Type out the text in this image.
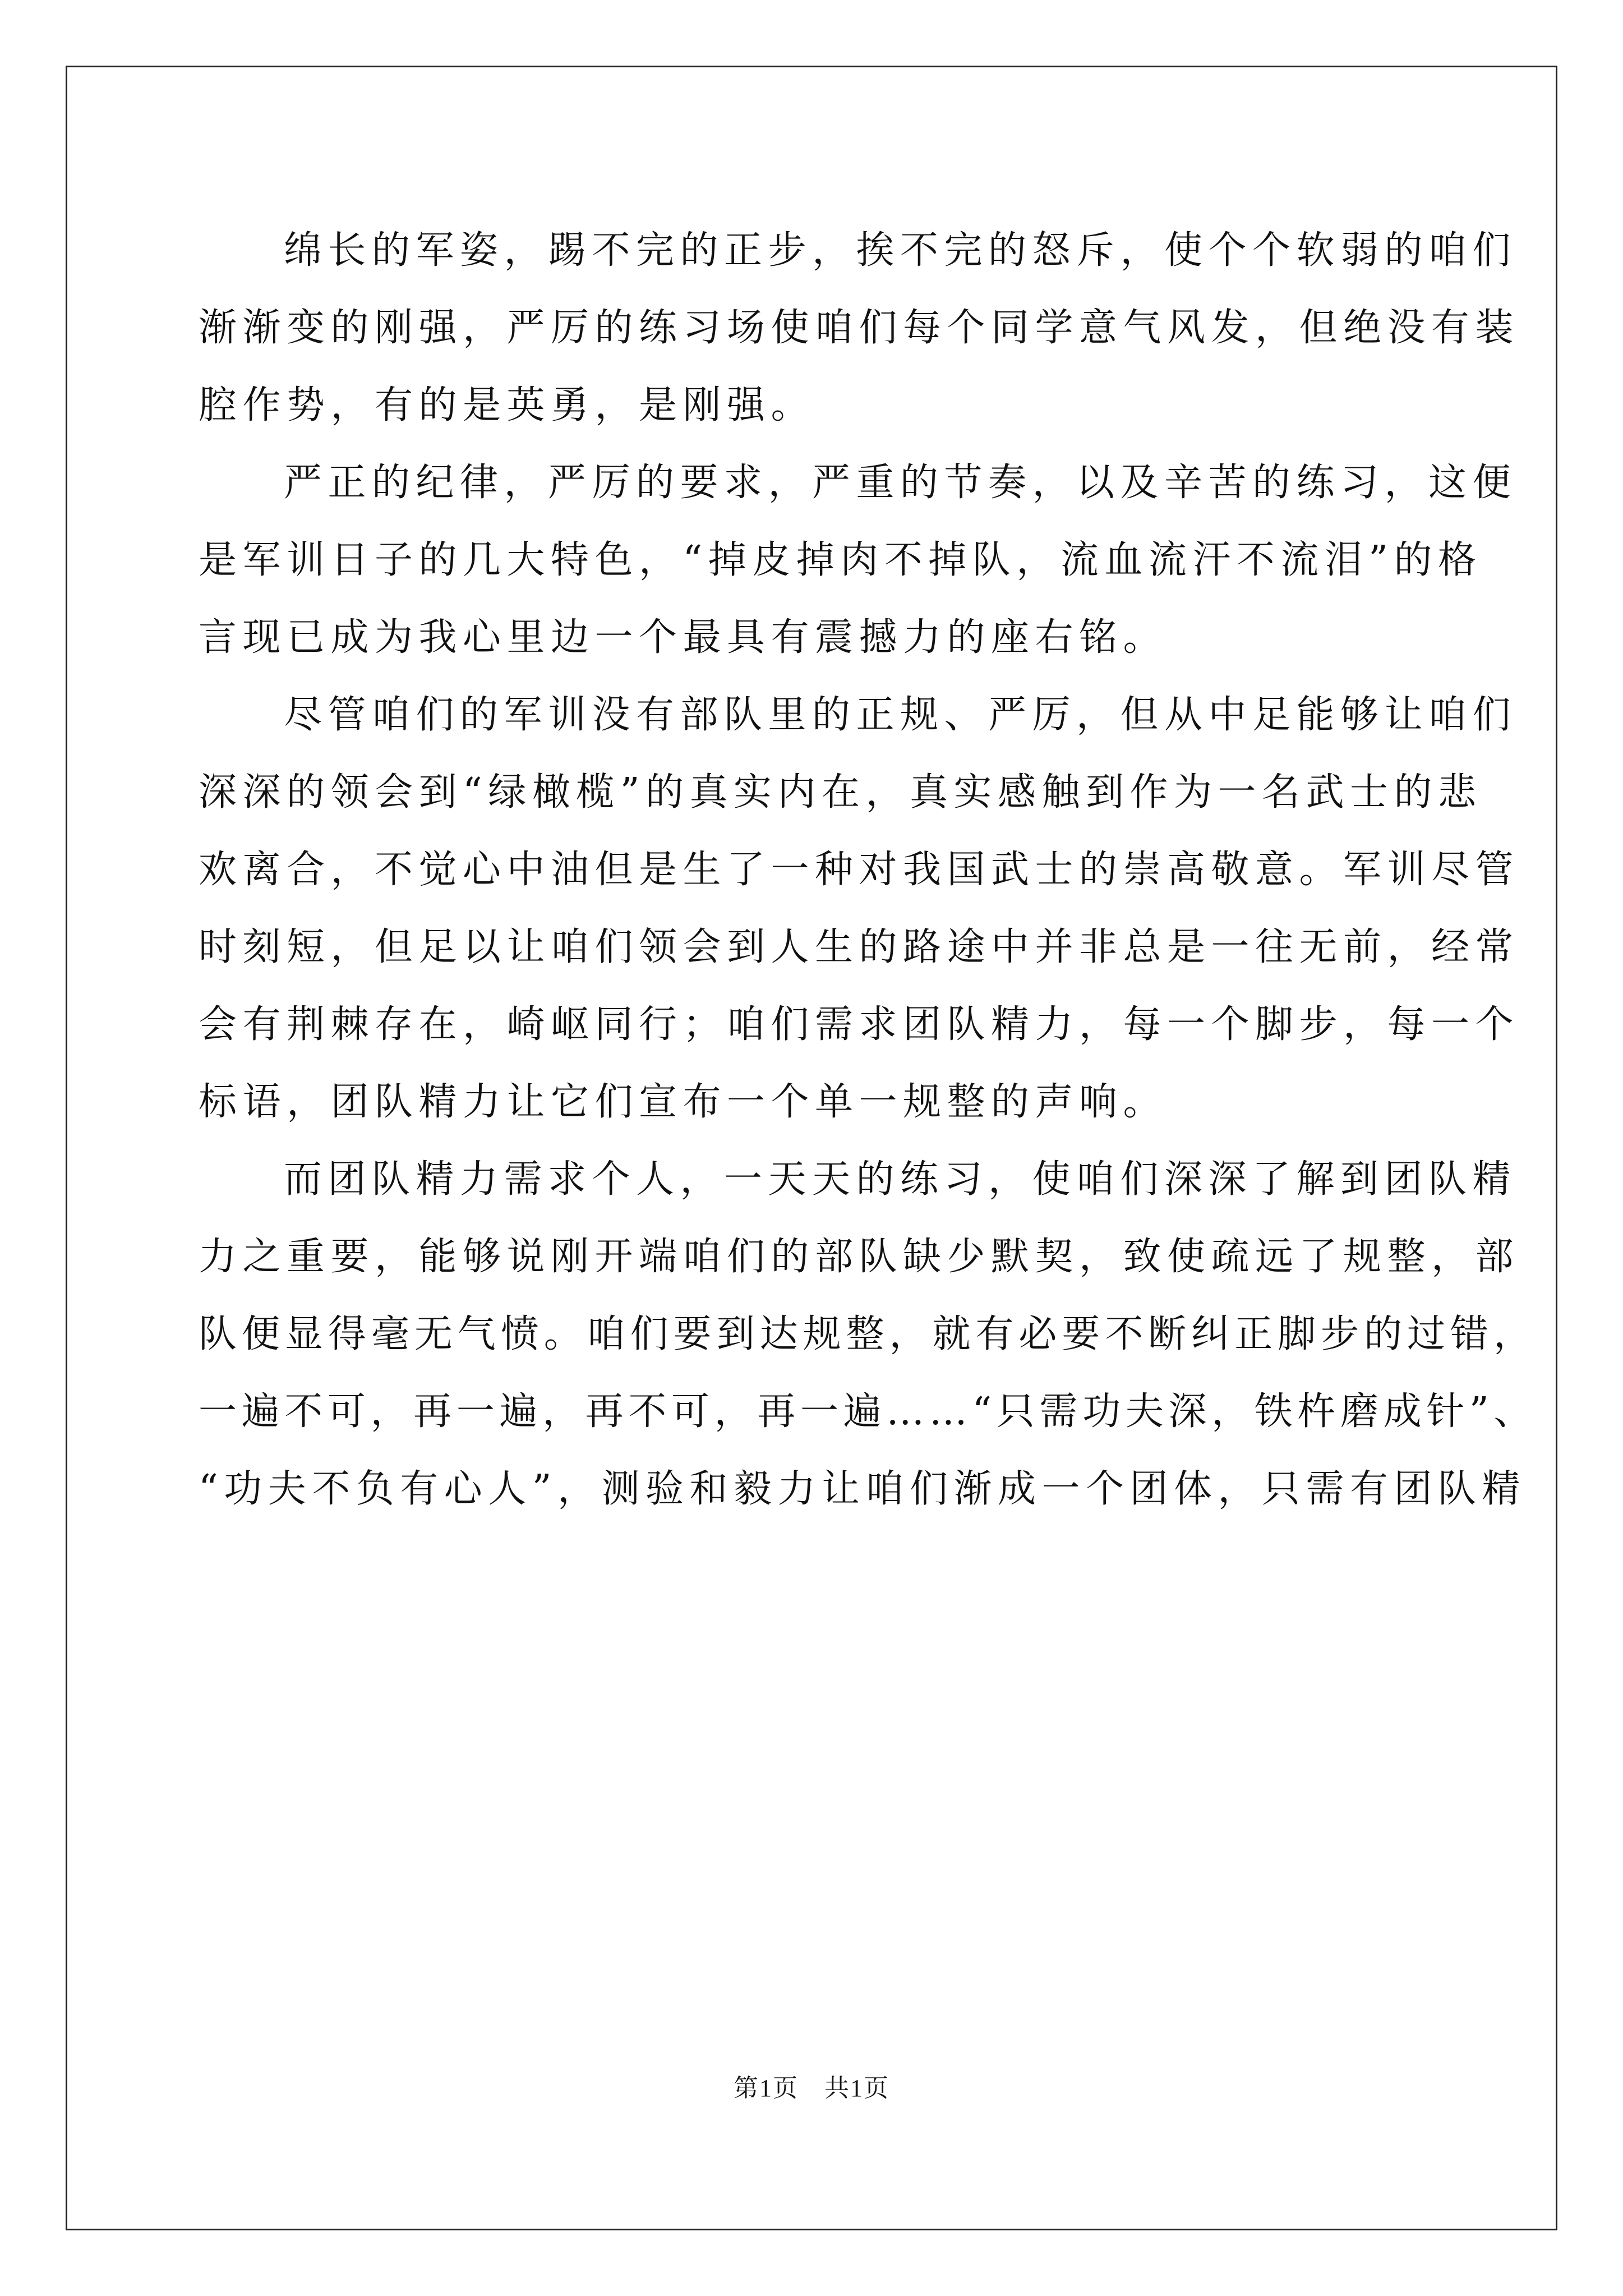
绵长的军姿，踢不完的正步，挨不完的怒斥，使个个软弱的咱们
渐渐变的刚强，严厉的练习场使咱们每个同学意气风发，但绝没有装
腔作势，有的是英勇，是刚强。
严正的纪律，严厉的要求，严重的节奏，以及辛苦的练习，这便
是军训日子的几大特色，“掉皮掉肉不掉队，流血流汗不流泪”的格
言现已成为我心里边一个最具有震撼力的座右铭。
尽管咱们的军训没有部队里的正规、严厉，但从中足能够让咱们
深深的领会到“绿橄榄”的真实内在，真实感触到作为一名武士的悲
欢离合，不觉心中油但是生了一种对我国武士的崇高敬意。军训尽管
时刻短，但足以让咱们领会到人生的路途中并非总是一往无前，经常
会有荆棘存在，崎岖同行；咱们需求团队精力，每一个脚步，每一个
标语，团队精力让它们宣布一个单一规整的声响。
而团队精力需求个人，一天天的练习，使咱们深深了解到团队精
力之重要，能够说刚开端咱们的部队缺少默契，致使疏远了规整，部
队便显得毫无气愤。咱们要到达规整，就有必要不断纠正脚步的过错，
一遍不可，再一遍，再不可，再一遍……“只需功夫深，铁杵磨成针”、
“功夫不负有心人”，测验和毅力让咱们渐成一个团体，只需有团队精
第1页　共1页
